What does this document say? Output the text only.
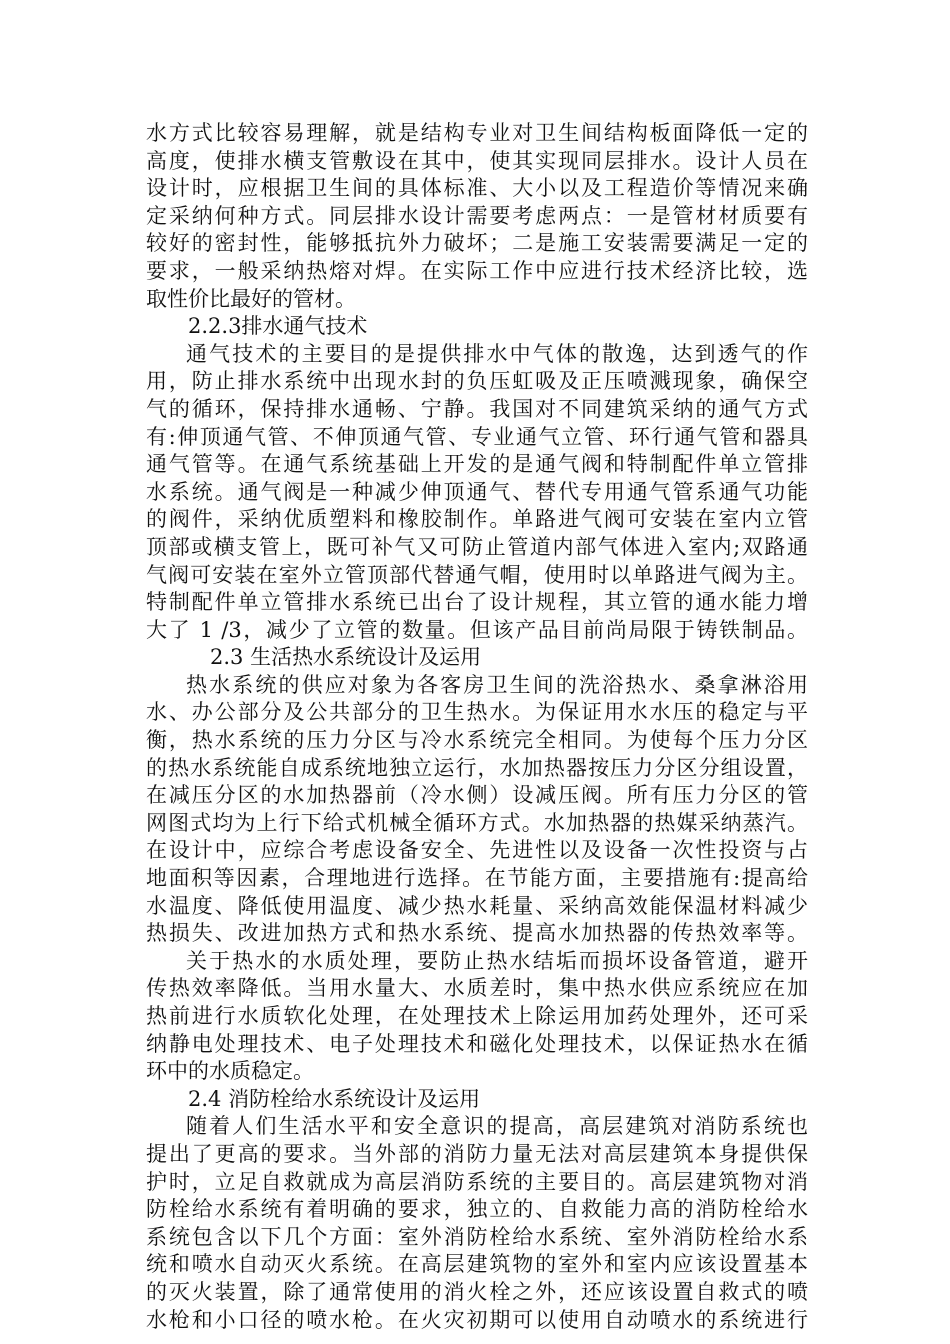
水方式比较容易理解，就是结构专业对卫生间结构板面降低一定的
高度，使排水横支管敷设在其中，使其实现同层排水。设计人员在
设计时，应根据卫生间的具体标准、大小以及工程造价等情况来确
定采纳何种方式。同层排水设计需要考虑两点：一是管材材质要有
较好的密封性，能够抵抗外力破坏；二是施工安装需要满足一定的
要求，一般采纳热熔对焊。在实际工作中应进行技术经济比较，选
取性价比最好的管材。
2.2.3排水通气技术
通气技术的主要目的是提供排水中气体的散逸，达到透气的作
用，防止排水系统中出现水封的负压虹吸及正压喷溅现象，确保空
气的循环，保持排水通畅、宁静。我国对不同建筑采纳的通气方式
有:伸顶通气管、不伸顶通气管、专业通气立管、环行通气管和器具
通气管等。在通气系统基础上开发的是通气阀和特制配件单立管排
水系统。通气阀是一种减少伸顶通气、替代专用通气管系通气功能
的阀件，采纳优质塑料和橡胶制作。单路进气阀可安装在室内立管
顶部或横支管上，既可补气又可防止管道内部气体进入室内;双路通
气阀可安装在室外立管顶部代替通气帽，使用时以单路进气阀为主。
特制配件单立管排水系统已出台了设计规程，其立管的通水能力增
大了 1 /3，减少了立管的数量。但该产品目前尚局限于铸铁制品。
2.3 生活热水系统设计及运用
热水系统的供应对象为各客房卫生间的洗浴热水、桑拿淋浴用
水、办公部分及公共部分的卫生热水。为保证用水水压的稳定与平
衡，热水系统的压力分区与冷水系统完全相同。为使每个压力分区
的热水系统能自成系统地独立运行，水加热器按压力分区分组设置，
在减压分区的水加热器前（冷水侧）设减压阀。所有压力分区的管
网图式均为上行下给式机械全循环方式。水加热器的热媒采纳蒸汽。
在设计中，应综合考虑设备安全、先进性以及设备一次性投资与占
地面积等因素，合理地进行选择。在节能方面，主要措施有:提高给
水温度、降低使用温度、减少热水耗量、采纳高效能保温材料减少
热损失、改进加热方式和热水系统、提高水加热器的传热效率等。
关于热水的水质处理，要防止热水结垢而损坏设备管道，避开
传热效率降低。当用水量大、水质差时，集中热水供应系统应在加
热前进行水质软化处理，在处理技术上除运用加药处理外，还可采
纳静电处理技术、电子处理技术和磁化处理技术，以保证热水在循
环中的水质稳定。
2.4 消防栓给水系统设计及运用
随着人们生活水平和安全意识的提高，高层建筑对消防系统也
提出了更高的要求。当外部的消防力量无法对高层建筑本身提供保
护时，立足自救就成为高层消防系统的主要目的。高层建筑物对消
防栓给水系统有着明确的要求，独立的、自救能力高的消防栓给水
系统包含以下几个方面：室外消防栓给水系统、室外消防栓给水系
统和喷水自动灭火系统。在高层建筑物的室外和室内应该设置基本
的灭火装置，除了通常使用的消火栓之外，还应该设置自救式的喷
水枪和小口径的喷水枪。在火灾初期可以使用自动喷水的系统进行
